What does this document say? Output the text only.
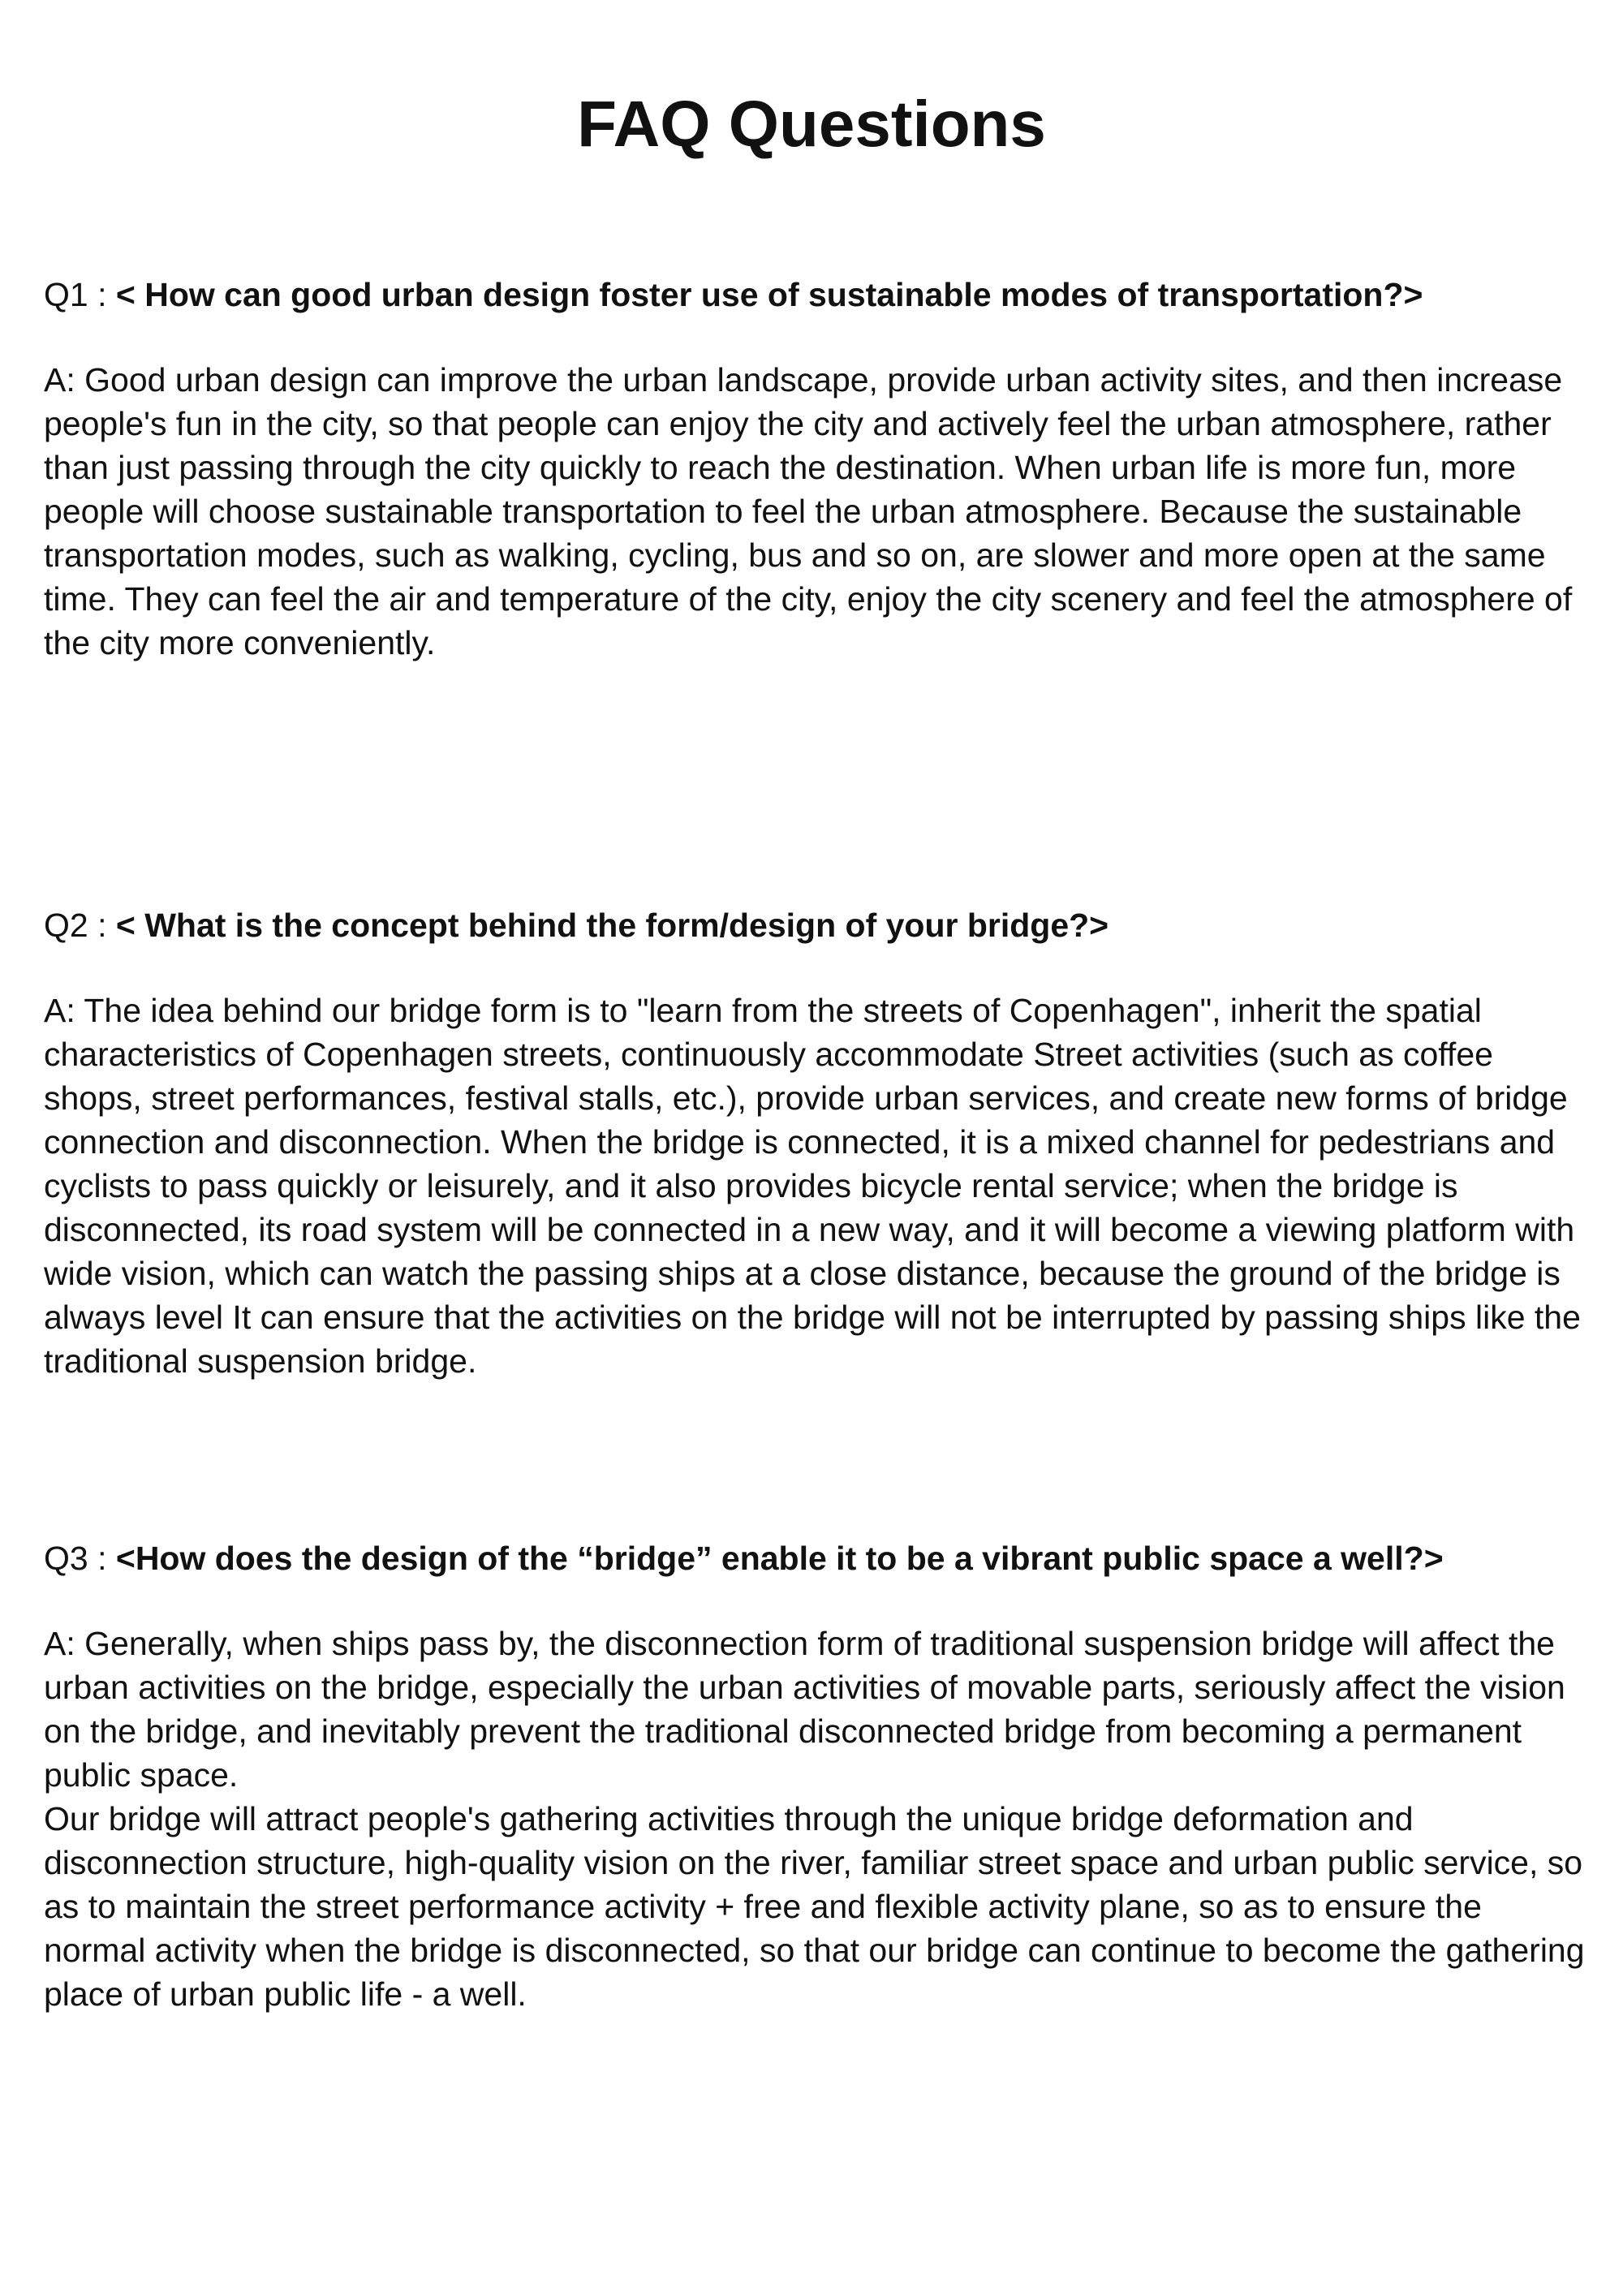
FAQ Questions

Q1 : < How can good urban design foster use of sustainable modes of transportation?>

A: Good urban design can improve the urban landscape, provide urban activity sites, and then increase people's fun in the city, so that people can enjoy the city and actively feel the urban atmosphere, rather than just passing through the city quickly to reach the destination. When urban life is more fun, more people will choose sustainable transportation to feel the urban atmosphere. Because the sustainable transportation modes, such as walking, cycling, bus and so on, are slower and more open at the same time. They can feel the air and temperature of the city, enjoy the city scenery and feel the atmosphere of the city more conveniently.

Q2 : < What is the concept behind the form/design of your bridge?>

A: The idea behind our bridge form is to "learn from the streets of Copenhagen", inherit the spatial characteristics of Copenhagen streets, continuously accommodate Street activities (such as coffee shops, street performances, festival stalls, etc.), provide urban services, and create new forms of bridge connection and disconnection. When the bridge is connected, it is a mixed channel for pedestrians and cyclists to pass quickly or leisurely, and it also provides bicycle rental service; when the bridge is disconnected, its road system will be connected in a new way, and it will become a viewing platform with wide vision, which can watch the passing ships at a close distance, because the ground of the bridge is always level It can ensure that the activities on the bridge will not be interrupted by passing ships like the traditional suspension bridge.

Q3 : <How does the design of the “bridge” enable it to be a vibrant public space a well?>

A: Generally, when ships pass by, the disconnection form of traditional suspension bridge will affect the urban activities on the bridge, especially the urban activities of movable parts, seriously affect the vision on the bridge, and inevitably prevent the traditional disconnected bridge from becoming a permanent public space.

Our bridge will attract people's gathering activities through the unique bridge deformation and disconnection structure, high-quality vision on the river, familiar street space and urban public service, so as to maintain the street performance activity + free and flexible activity plane, so as to ensure the normal activity when the bridge is disconnected, so that our bridge can continue to become the gathering place of urban public life - a well.
